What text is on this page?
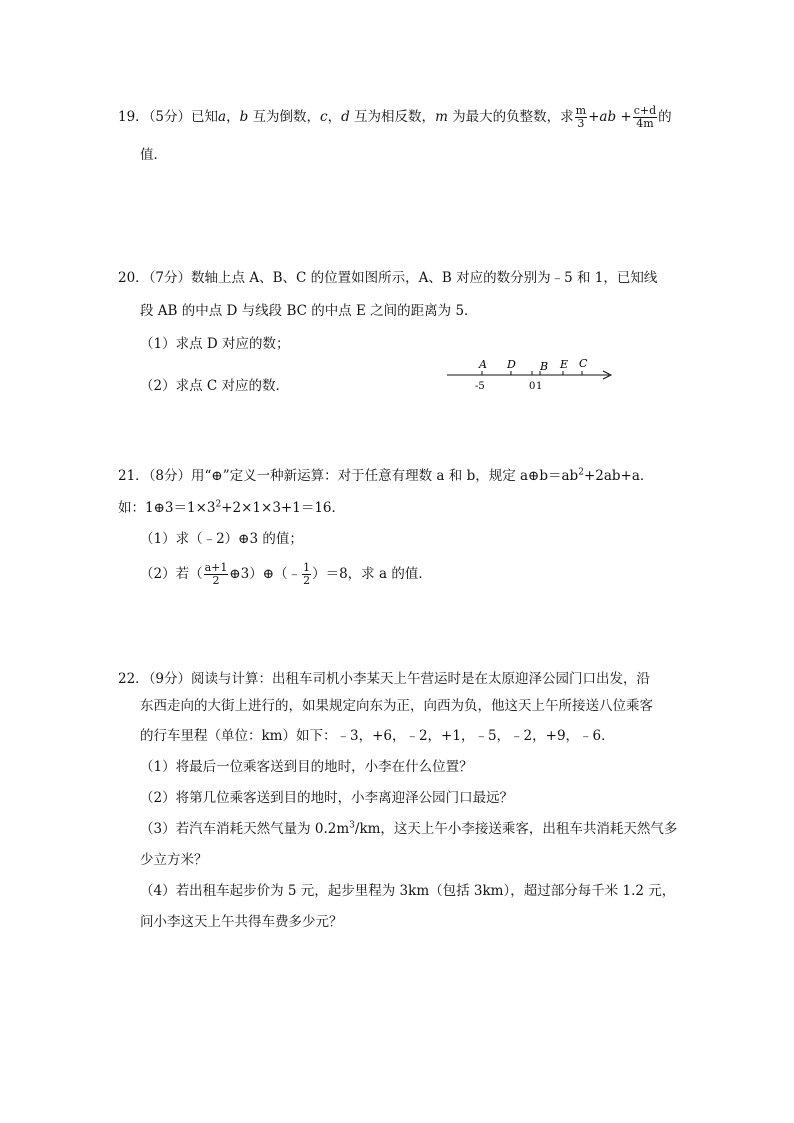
19．（5分）已知a，b 互为倒数，c，d 互为相反数，m 为最大的负整数，求 $\frac{m}{3} +ab + \frac{c+d}{4m}$ 的
值．
20．（7分）数轴上点 A、B、C 的位置如图所示，A、B 对应的数分别为﹣5 和 1，已知线
段 AB 的中点 D 与线段 BC 的中点 E 之间的距离为 5．
（1）求点 D 对应的数；
（2）求点 C 对应的数．
A D B E C
-5	0 1
21．（8分）用“⊕”定义一种新运算：对于任意有理数 a 和 b，规定 $a\oplus b=ab^2+2ab+a$．
如：$1\oplus 3=1\times 3^2+2\times 1\times 3+1=16$．
（1）求（﹣2）⊕3 的值；
（2）若（ $\frac{a+1}{2}$ ⊕3）⊕（﹣ $\frac{1}{2} )=8$，求 a 的值．
22．（9分）阅读与计算：出租车司机小李某天上午营运时是在太原迎泽公园门口出发，沿
东西走向的大街上进行的，如果规定向东为正，向西为负，他这天上午所接送八位乘客
的行车里程（单位：km）如下：﹣3，+6，﹣2，+1，﹣5，﹣2，+9，﹣6．
（1）将最后一位乘客送到目的地时，小李在什么位置？
（2）将第几位乘客送到目的地时，小李离迎泽公园门口最远？
（3）若汽车消耗天然气量为 $0.2m^3/km$，这天上午小李接送乘客，出租车共消耗天然气多
少立方米？
（4）若出租车起步价为 5 元，起步里程为 3km（包括 3km），超过部分每千米 1.2 元，
问小李这天上午共得车费多少元？
